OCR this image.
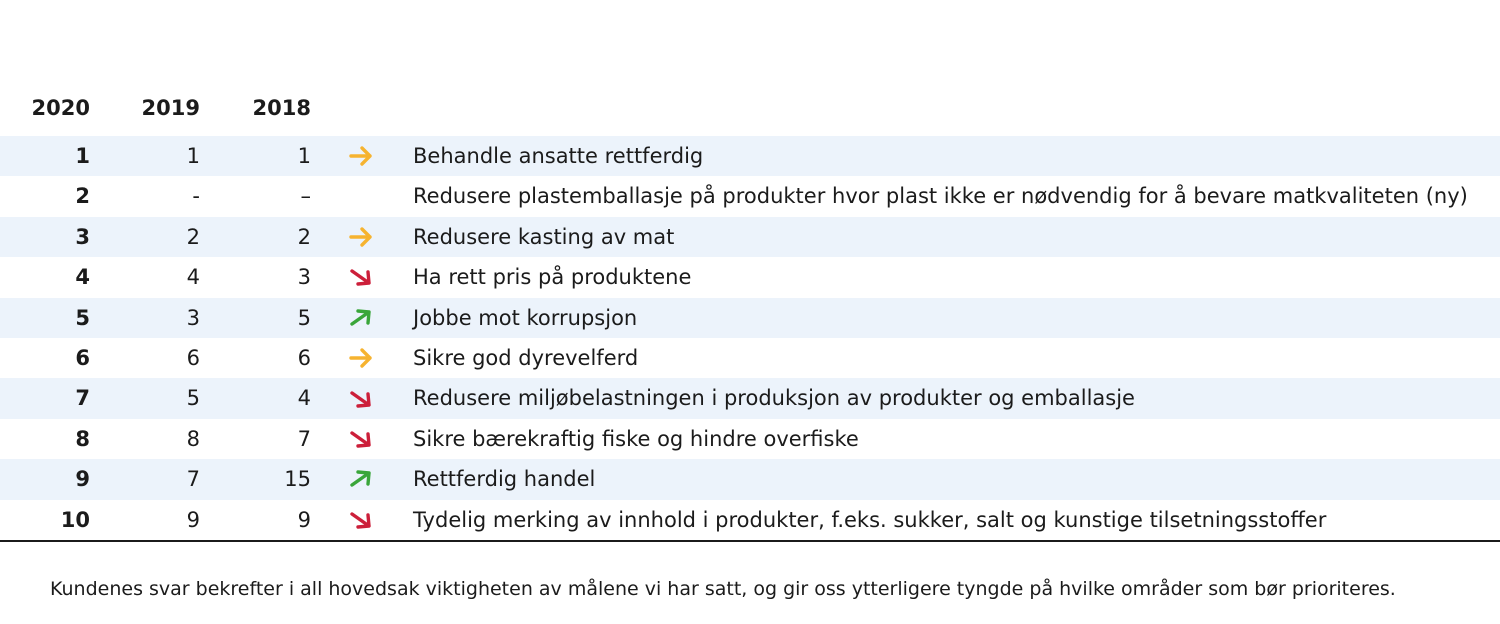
2020 2019	2018
1	1	1	Behandle ansatte rettferdig
2	-	–	Redusere plastemballasje på produkter hvor plast ikke er nødvendig for å bevare matkvaliteten (ny)
3	2	2	Redusere kasting av mat
4	4	3	Ha rett pris på produktene
5	3	5	Jobbe mot korrupsjon
6	6	6	Sikre god dyrevelferd
7	5	4	Redusere miljøbelastningen i produksjon av produkter og emballasje
8	8	7	Sikre bærekraftig fiske og hindre overfiske
9	7	15	Rettferdig handel
10	9	9	Tydelig merking av innhold i produkter, f.eks. sukker, salt og kunstige tilsetningsstoffer
Kundenes svar bekrefter i all hovedsak viktigheten av målene vi har satt, og gir oss ytterligere tyngde på hvilke områder som bør prioriteres.
